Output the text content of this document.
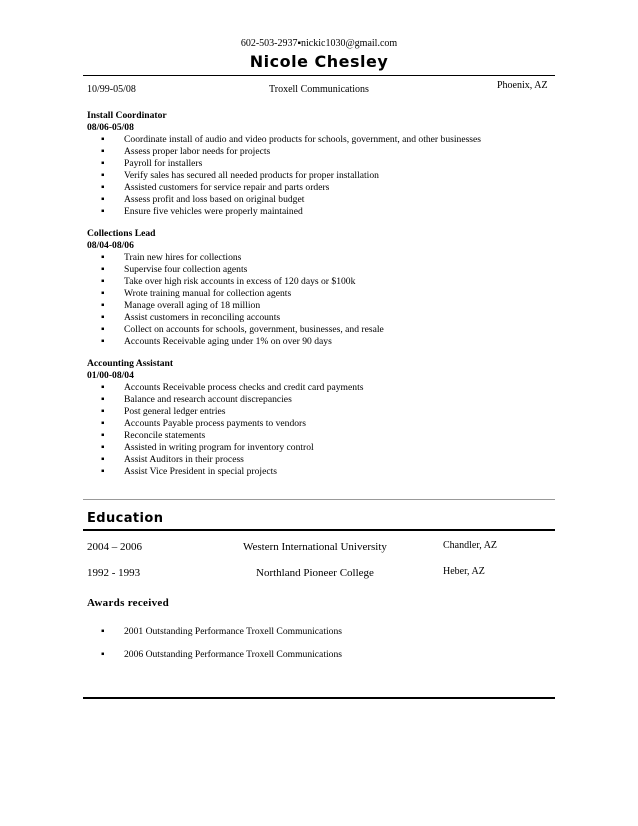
602-503-2937▪nickic1030@gmail.com
Nicole Chesley
10/99-05/08	Troxell Communications	Phoenix, AZ
Install Coordinator
08/06-05/08
▪ Coordinate install of audio and video products for schools, government, and other businesses
▪ Assess proper labor needs for projects
▪ Payroll for installers
▪ Verify sales has secured all needed products for proper installation
▪ Assisted customers for service repair and parts orders
▪ Assess profit and loss based on original budget
▪ Ensure five vehicles were properly maintained
Collections Lead
08/04-08/06
▪ Train new hires for collections
▪ Supervise four collection agents
▪ Take over high risk accounts in excess of 120 days or $100k
▪ Wrote training manual for collection agents
▪ Manage overall aging of 18 million
▪ Assist customers in reconciling accounts
▪ Collect on accounts for schools, government, businesses, and resale
▪ Accounts Receivable aging under 1% on over 90 days
Accounting Assistant
01/00-08/04
▪ Accounts Receivable process checks and credit card payments
▪ Balance and research account discrepancies
▪ Post general ledger entries
▪ Accounts Payable process payments to vendors
▪ Reconcile statements
▪ Assisted in writing program for inventory control
▪ Assist Auditors in their process
▪ Assist Vice President in special projects
Education
2004 – 2006	Western International University	Chandler, AZ
1992 - 1993	Northland Pioneer College	Heber, AZ
Awards received
▪ 2001 Outstanding Performance Troxell Communications
▪ 2006 Outstanding Performance Troxell Communications
